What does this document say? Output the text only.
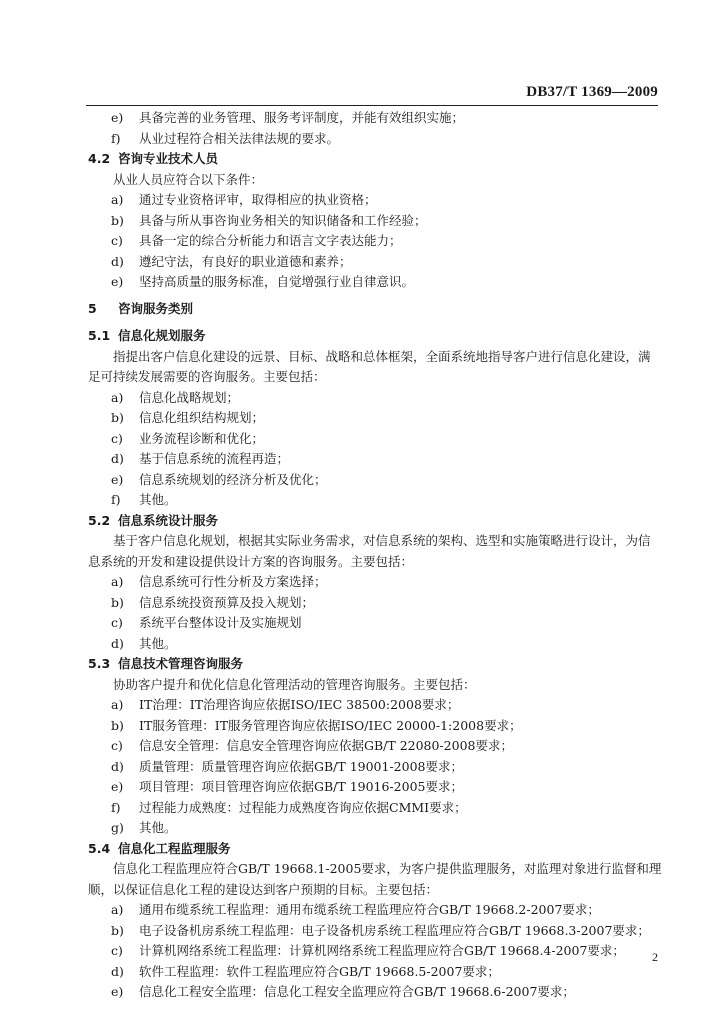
DB37/T 1369—2009
e) 具备完善的业务管理、服务考评制度，并能有效组织实施；
f) 从业过程符合相关法律法规的要求。
4.2 咨询专业技术人员
从业人员应符合以下条件：
a) 通过专业资格评审，取得相应的执业资格；
b) 具备与所从事咨询业务相关的知识储备和工作经验；
c) 具备一定的综合分析能力和语言文字表达能力；
d) 遵纪守法，有良好的职业道德和素养；
e) 坚持高质量的服务标准，自觉增强行业自律意识。
5 咨询服务类别
5.1 信息化规划服务
指提出客户信息化建设的远景、目标、战略和总体框架，全面系统地指导客户进行信息化建设，满
足可持续发展需要的咨询服务。主要包括：
a) 信息化战略规划；
b) 信息化组织结构规划；
c) 业务流程诊断和优化；
d) 基于信息系统的流程再造；
e) 信息系统规划的经济分析及优化；
f) 其他。
5.2 信息系统设计服务
基于客户信息化规划，根据其实际业务需求，对信息系统的架构、选型和实施策略进行设计，为信
息系统的开发和建设提供设计方案的咨询服务。主要包括：
a) 信息系统可行性分析及方案选择；
b) 信息系统投资预算及投入规划；
c) 系统平台整体设计及实施规划
d) 其他。
5.3 信息技术管理咨询服务
协助客户提升和优化信息化管理活动的管理咨询服务。主要包括：
a) IT治理：IT治理咨询应依据ISO/IEC 38500:2008要求；
b) IT服务管理：IT服务管理咨询应依据ISO/IEC 20000-1:2008要求；
c) 信息安全管理：信息安全管理咨询应依据GB/T 22080-2008要求；
d) 质量管理：质量管理咨询应依据GB/T 19001-2008要求；
e) 项目管理：项目管理咨询应依据GB/T 19016-2005要求；
f) 过程能力成熟度：过程能力成熟度咨询应依据CMMI要求；
g) 其他。
5.4 信息化工程监理服务
信息化工程监理应符合GB/T 19668.1-2005要求，为客户提供监理服务，对监理对象进行监督和理
顺，以保证信息化工程的建设达到客户预期的目标。主要包括：
a) 通用布缆系统工程监理：通用布缆系统工程监理应符合GB/T 19668.2-2007要求；
b) 电子设备机房系统工程监理：电子设备机房系统工程监理应符合GB/T 19668.3-2007要求；
c) 计算机网络系统工程监理：计算机网络系统工程监理应符合GB/T 19668.4-2007要求；
d) 软件工程监理：软件工程监理应符合GB/T 19668.5-2007要求；
e) 信息化工程安全监理：信息化工程安全监理应符合GB/T 19668.6-2007要求；
2
